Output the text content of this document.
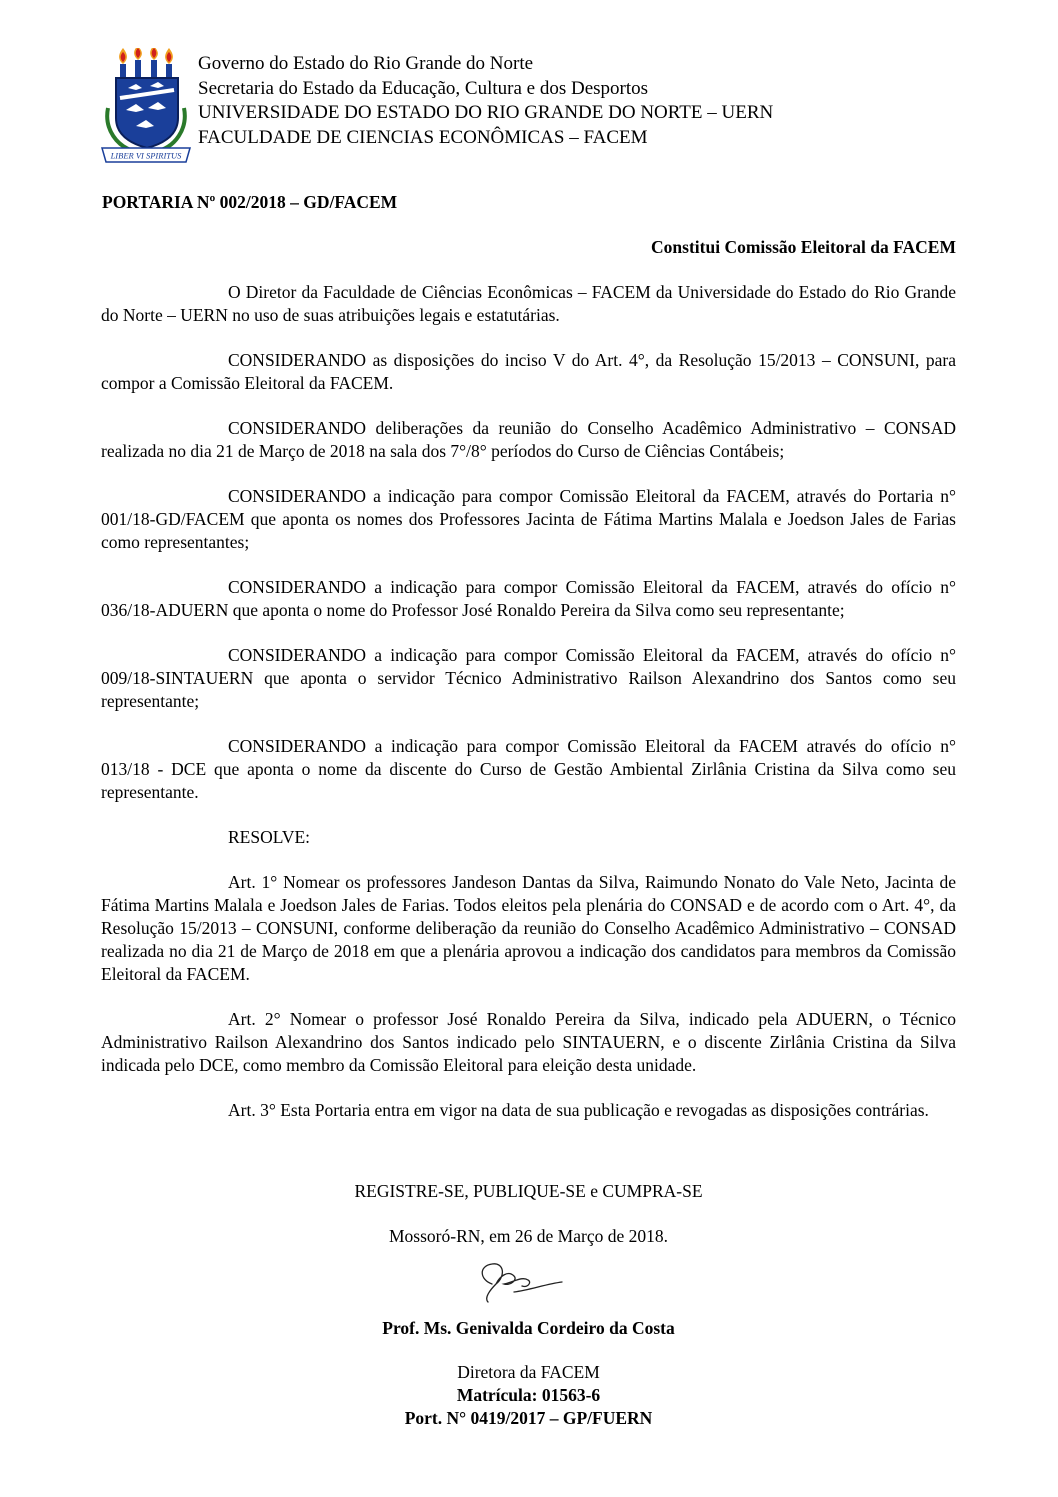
LIBER VI SPIRITUS
Governo do Estado do Rio Grande do Norte
Secretaria do Estado da Educação, Cultura e dos Desportos
UNIVERSIDADE DO ESTADO DO RIO GRANDE DO NORTE – UERN
FACULDADE DE CIENCIAS ECONÔMICAS – FACEM
PORTARIA Nº 002/2018 – GD/FACEM
Constitui Comissão Eleitoral da FACEM

O Diretor da Faculdade de Ciências Econômicas – FACEM da Universidade do Estado do Rio Grande do Norte – UERN no uso de suas atribuições legais e estatutárias.

CONSIDERANDO as disposições do inciso V do Art. 4°, da Resolução 15/2013 – CONSUNI, para compor a Comissão Eleitoral da FACEM.

CONSIDERANDO deliberações da reunião do Conselho Acadêmico Administrativo – CONSAD realizada no dia 21 de Março de 2018 na sala dos 7°/8° períodos do Curso de Ciências Contábeis;

CONSIDERANDO a indicação para compor Comissão Eleitoral da FACEM, através do Portaria n° 001/18-GD/FACEM que aponta os nomes dos Professores Jacinta de Fátima Martins Malala e Joedson Jales de Farias como representantes;

CONSIDERANDO a indicação para compor Comissão Eleitoral da FACEM, através do ofício n° 036/18-ADUERN que aponta o nome do Professor José Ronaldo Pereira da Silva como seu representante;

CONSIDERANDO a indicação para compor Comissão Eleitoral da FACEM, através do ofício n° 009/18-SINTAUERN que aponta o servidor Técnico Administrativo Railson Alexandrino dos Santos como seu representante;

CONSIDERANDO a indicação para compor Comissão Eleitoral da FACEM através do ofício n° 013/18 - DCE que aponta o nome da discente do Curso de Gestão Ambiental Zirlânia Cristina da Silva como seu representante.

RESOLVE:

Art. 1° Nomear os professores Jandeson Dantas da Silva, Raimundo Nonato do Vale Neto, Jacinta de Fátima Martins Malala e Joedson Jales de Farias. Todos eleitos pela plenária do CONSAD e de acordo com o Art. 4°, da Resolução 15/2013 – CONSUNI, conforme deliberação da reunião do Conselho Acadêmico Administrativo – CONSAD realizada no dia 21 de Março de 2018 em que a plenária aprovou a indicação dos candidatos para membros da Comissão Eleitoral da FACEM.

Art. 2° Nomear o professor José Ronaldo Pereira da Silva, indicado pela ADUERN, o Técnico Administrativo Railson Alexandrino dos Santos indicado pelo SINTAUERN, e o discente Zirlânia Cristina da Silva indicada pelo DCE, como membro da Comissão Eleitoral para eleição desta unidade.

Art. 3° Esta Portaria entra em vigor na data de sua publicação e revogadas as disposições contrárias.

REGISTRE-SE, PUBLIQUE-SE e CUMPRA-SE
Mossoró-RN, em 26 de Março de 2018.
Prof. Ms. Genivalda Cordeiro da Costa
Diretora da FACEM
Matrícula: 01563-6
Port. N° 0419/2017 – GP/FUERN
